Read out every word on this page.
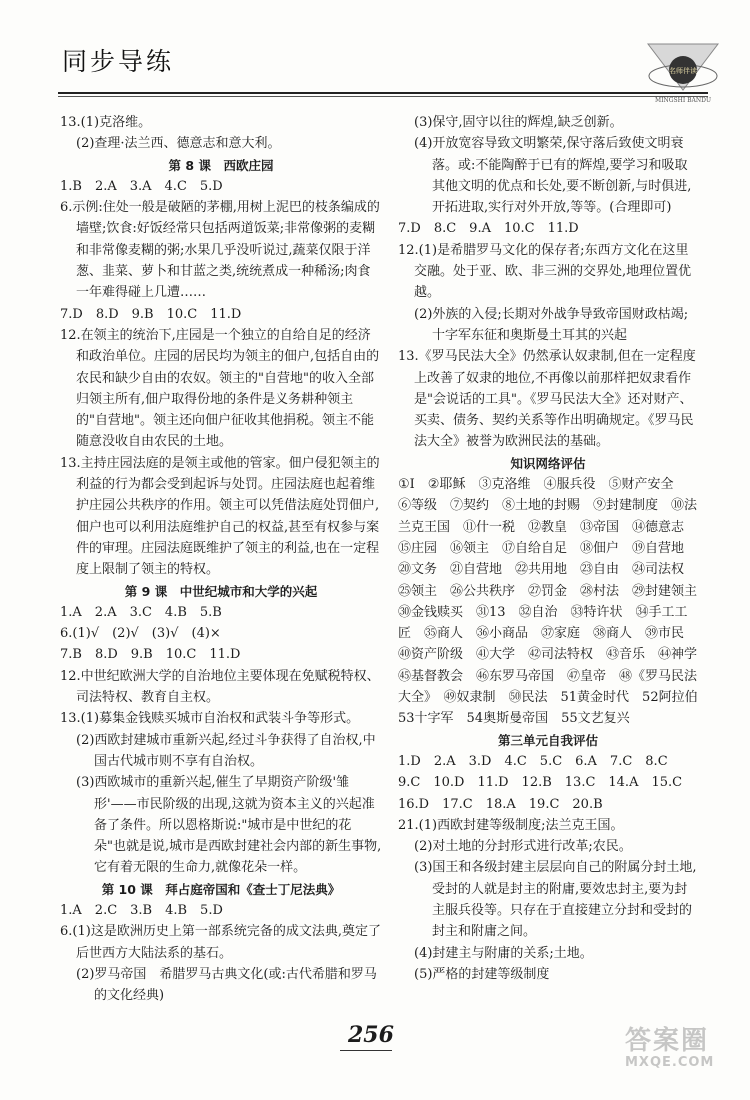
同步导练	名师伴读
MINGSHI BANDU

13.(1)克洛维。

(2)查理·法兰西、德意志和意大利。

第 8 课　西欧庄园

1.B　2.A　3.A　4.C　5.D

6.示例:住处一般是破陋的茅棚,用树上泥巴的枝条编成的墙壁;饮食:好饭经常只包括两道饭菜;非常像粥的麦糊和非常像麦糊的粥;水果几乎没听说过,蔬菜仅限于洋葱、韭菜、萝卜和甘蓝之类,统统煮成一种稀汤;肉食一年难得碰上几遭……

7.D　8.D　9.B　10.C　11.D

12.在领主的统治下,庄园是一个独立的自给自足的经济和政治单位。庄园的居民均为领主的佃户,包括自由的农民和缺少自由的农奴。领主的"自营地"的收入全部归领主所有,佃户取得份地的条件是义务耕种领主的"自营地"。领主还向佃户征收其他捐税。领主不能随意没收自由农民的土地。

13.主持庄园法庭的是领主或他的管家。佃户侵犯领主的利益的行为都会受到起诉与处罚。庄园法庭也起着维护庄园公共秩序的作用。领主可以凭借法庭处罚佃户,佃户也可以利用法庭维护自己的权益,甚至有权参与案件的审理。庄园法庭既维护了领主的利益,也在一定程度上限制了领主的特权。

第 9 课　中世纪城市和大学的兴起

1.A　2.A　3.C　4.B　5.B

6.(1)√　(2)√　(3)√　(4)×

7.B　8.D　9.B　10.C　11.D

12.中世纪欧洲大学的自治地位主要体现在免赋税特权、司法特权、教育自主权。

13.(1)募集金钱赎买城市自治权和武装斗争等形式。

(2)西欧封建城市重新兴起,经过斗争获得了自治权,中国古代城市则不享有自治权。

(3)西欧城市的重新兴起,催生了早期资产阶级'雏形'——市民阶级的出现,这就为资本主义的兴起准备了条件。所以恩格斯说:"城市是中世纪的花朵"也就是说,城市是西欧封建社会内部的新生事物,它有着无限的生命力,就像花朵一样。

第 10 课　拜占庭帝国和《查士丁尼法典》

1.A　2.C　3.B　4.B　5.D

6.(1)这是欧洲历史上第一部系统完备的成文法典,奠定了后世西方大陆法系的基石。

(2)罗马帝国　希腊罗马古典文化(或:古代希腊和罗马的文化经典)

(3)保守,固守以往的辉煌,缺乏创新。

(4)开放宽容导致文明繁荣,保守落后致使文明衰落。或:不能陶醉于已有的辉煌,要学习和吸取其他文明的优点和长处,要不断创新,与时俱进,开拓进取,实行对外开放,等等。(合理即可)

7.D　8.C　9.A　10.C　11.D

12.(1)是希腊罗马文化的保存者;东西方文化在这里交融。处于亚、欧、非三洲的交界处,地理位置优越。

(2)外族的入侵;长期对外战争导致帝国财政枯竭;十字军东征和奥斯曼土耳其的兴起

13.《罗马民法大全》仍然承认奴隶制,但在一定程度上改善了奴隶的地位,不再像以前那样把奴隶看作是"会说话的工具"。《罗马民法大全》还对财产、买卖、债务、契约关系等作出明确规定。《罗马民法大全》被誉为欧洲民法的基础。

知识网络评估

①Ⅰ　②耶稣　③克洛维　④服兵役　⑤财产安全　⑥等级　⑦契约　⑧土地的封赐　⑨封建制度　⑩法兰克王国　⑪什一税　⑫教皇　⑬帝国　⑭德意志　⑮庄园　⑯领主　⑰自给自足　⑱佃户　⑲自营地　⑳文务　㉑自营地　㉒共用地　㉓自由　㉔司法权　㉕领主　㉖公共秩序　㉗罚金　㉘村法　㉙封建领主　㉚金钱赎买　㉛13　㉜自治　㉝特许状　㉞手工工匠　㉟商人　㊱小商品　㊲家庭　㊳商人　㊴市民　㊵资产阶级　㊶大学　㊷司法特权　㊸音乐　㊹神学　㊺基督教会　㊻东罗马帝国　㊼皇帝　㊽《罗马民法大全》　㊾奴隶制　㊿民法　51黄金时代　52阿拉伯　53十字军　54奥斯曼帝国　55文艺复兴

第三单元自我评估

1.D　2.A　3.D　4.C　5.C　6.A　7.C　8.C　9.C　10.D　11.D　12.B　13.C　14.A　15.C　16.D　17.C　18.A　19.C　20.B

21.(1)西欧封建等级制度;法兰克王国。

(2)对土地的分封形式进行改革;农民。

(3)国王和各级封建主层层向自己的附属分封土地,受封的人就是封主的附庸,要效忠封主,要为封主服兵役等。只存在于直接建立分封和受封的封主和附庸之间。

(4)封建主与附庸的关系;土地。

(5)严格的封建等级制度

256	答案圈
MXQE.COM
